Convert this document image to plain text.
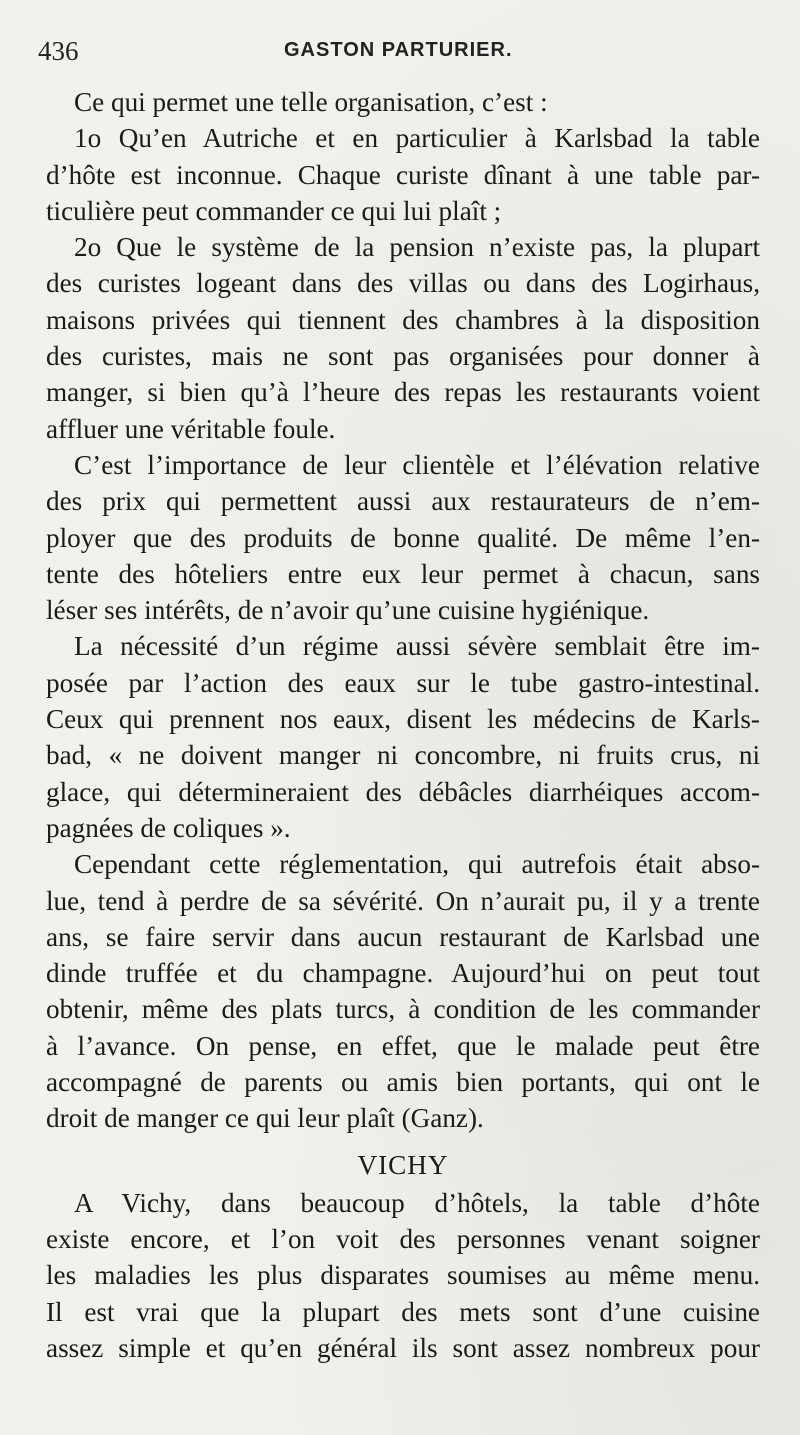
436	GASTON PARTURIER.
Ce qui permet une telle organisation, c’est :
1o Qu’en Autriche et en particulier à Karlsbad la table
d’hôte est inconnue. Chaque curiste dînant à une table par-
ticulière peut commander ce qui lui plaît ;
2o Que le système de la pension n’existe pas, la plupart
des curistes logeant dans des villas ou dans des Logirhaus,
maisons privées qui tiennent des chambres à la disposition
des curistes, mais ne sont pas organisées pour donner à
manger, si bien qu’à l’heure des repas les restaurants voient
affluer une véritable foule.
C’est l’importance de leur clientèle et l’élévation relative
des prix qui permettent aussi aux restaurateurs de n’em-
ployer que des produits de bonne qualité. De même l’en-
tente des hôteliers entre eux leur permet à chacun, sans
léser ses intérêts, de n’avoir qu’une cuisine hygiénique.
La nécessité d’un régime aussi sévère semblait être im-
posée par l’action des eaux sur le tube gastro-intestinal.
Ceux qui prennent nos eaux, disent les médecins de Karls-
bad, « ne doivent manger ni concombre, ni fruits crus, ni
glace, qui détermineraient des débâcles diarrhéiques accom-
pagnées de coliques ».
Cependant cette réglementation, qui autrefois était abso-
lue, tend à perdre de sa sévérité. On n’aurait pu, il y a trente
ans, se faire servir dans aucun restaurant de Karlsbad une
dinde truffée et du champagne. Aujourd’hui on peut tout
obtenir, même des plats turcs, à condition de les commander
à l’avance. On pense, en effet, que le malade peut être
accompagné de parents ou amis bien portants, qui ont le
droit de manger ce qui leur plaît (Ganz).
VICHY
A Vichy, dans beaucoup d’hôtels, la table d’hôte
existe encore, et l’on voit des personnes venant soigner
les maladies les plus disparates soumises au même menu.
Il est vrai que la plupart des mets sont d’une cuisine
assez simple et qu’en général ils sont assez nombreux pour
